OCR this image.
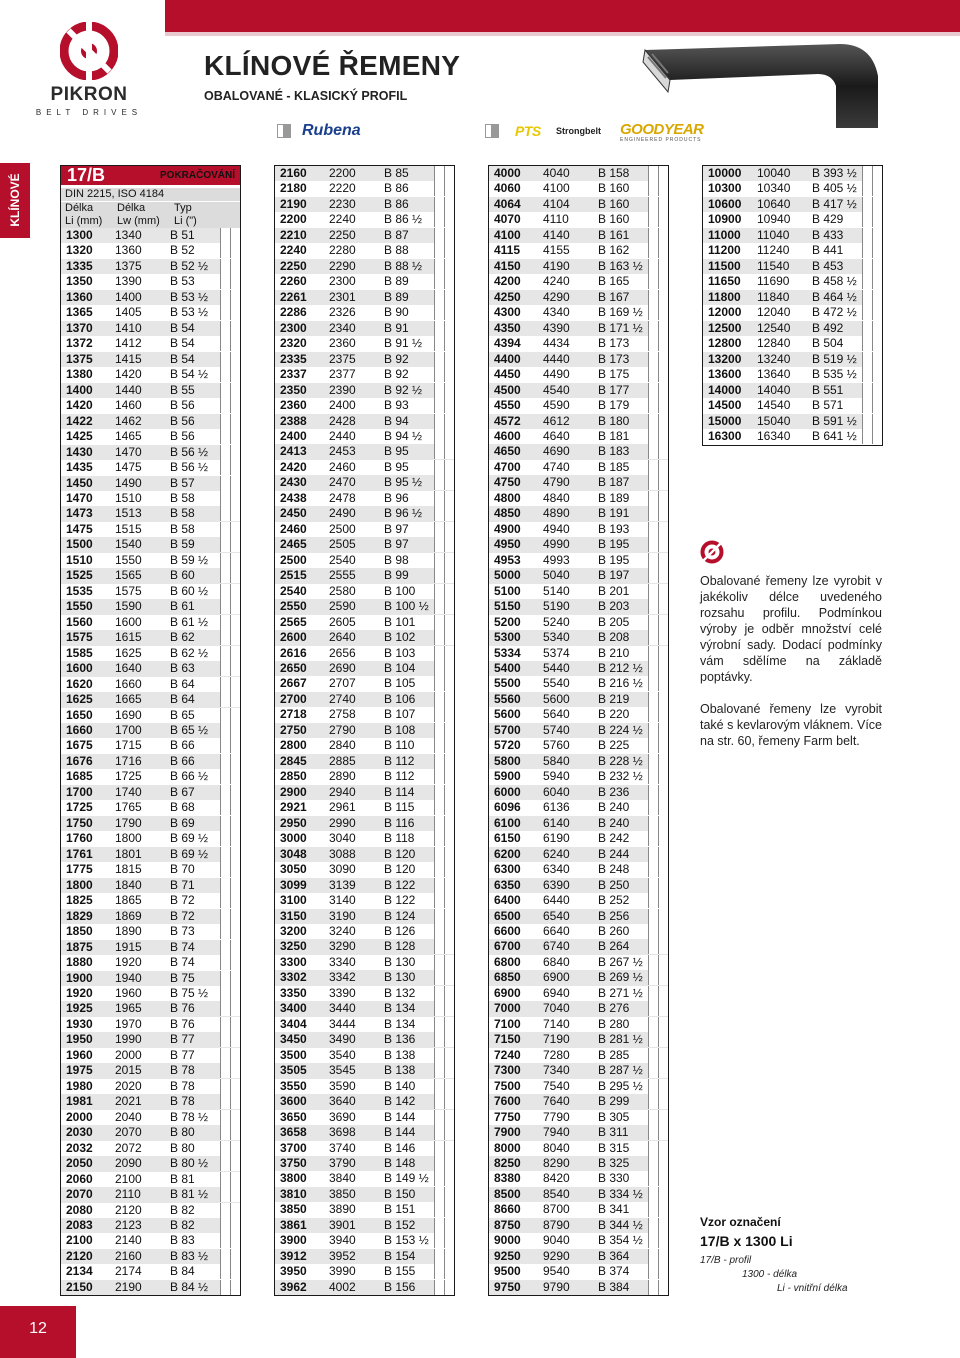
PIKRON
BELT DRIVES
KLÍNOVÉ ŘEMENY
OBALOVANÉ - KLASICKÝ PROFIL
Rubena	PTS Strongbelt GOODYEAR
ENGINEERED PRODUCTS
KLÍNOVÉ
12
17/B	POKRAČOVÁNÍ
DIN 2215, ISO 4184
Délka Délka	Typ
Li (mm) Lw (mm) Li (")
1300 1340 B 51
1320 1360 B 52
1335 1375 B 52 ½
1350 1390 B 53
1360 1400 B 53 ½
1365 1405 B 53 ½
1370 1410 B 54
1372 1412 B 54
1375 1415 B 54
1380 1420 B 54 ½
1400 1440 B 55
1420 1460 B 56
1422 1462 B 56
1425 1465 B 56
1430 1470 B 56 ½
1435 1475 B 56 ½
1450 1490 B 57
1470 1510 B 58
1473 1513 B 58
1475 1515 B 58
1500 1540 B 59
1510 1550 B 59 ½
1525 1565 B 60
1535 1575 B 60 ½
1550 1590 B 61
1560 1600 B 61 ½
1575 1615 B 62
1585 1625 B 62 ½
1600 1640 B 63
1620 1660 B 64
1625 1665 B 64
1650 1690 B 65
1660 1700 B 65 ½
1675 1715 B 66
1676 1716 B 66
1685 1725 B 66 ½
1700 1740 B 67
1725 1765 B 68
1750 1790 B 69
1760 1800 B 69 ½
1761 1801 B 69 ½
1775 1815 B 70
1800 1840 B 71
1825 1865 B 72
1829 1869 B 72
1850 1890 B 73
1875 1915 B 74
1880 1920 B 74
1900 1940 B 75
1920 1960 B 75 ½
1925 1965 B 76
1930 1970 B 76
1950 1990 B 77
1960 2000 B 77
1975 2015 B 78
1980 2020 B 78
1981 2021 B 78
2000 2040 B 78 ½
2030 2070 B 80
2032 2072 B 80
2050 2090 B 80 ½
2060 2100 B 81
2070 2110 B 81 ½
2080 2120 B 82
2083 2123 B 82
2100 2140 B 83
2120 2160 B 83 ½
2134 2174 B 84
2150 2190 B 84 ½
2160 2200 B 85
2180 2220 B 86
2190 2230 B 86
2200 2240 B 86 ½
2210 2250 B 87
2240 2280 B 88
2250 2290 B 88 ½
2260 2300 B 89
2261 2301 B 89
2286 2326 B 90
2300 2340 B 91
2320 2360 B 91 ½
2335 2375 B 92
2337 2377 B 92
2350 2390 B 92 ½
2360 2400 B 93
2388 2428 B 94
2400 2440 B 94 ½
2413 2453 B 95
2420 2460 B 95
2430 2470 B 95 ½
2438 2478 B 96
2450 2490 B 96 ½
2460 2500 B 97
2465 2505 B 97
2500 2540 B 98
2515 2555 B 99
2540 2580 B 100
2550 2590 B 100 ½
2565 2605 B 101
2600 2640 B 102
2616 2656 B 103
2650 2690 B 104
2667 2707 B 105
2700 2740 B 106
2718 2758 B 107
2750 2790 B 108
2800 2840 B 110
2845 2885 B 112
2850 2890 B 112
2900 2940 B 114
2921 2961 B 115
2950 2990 B 116
3000 3040 B 118
3048 3088 B 120
3050 3090 B 120
3099 3139 B 122
3100 3140 B 122
3150 3190 B 124
3200 3240 B 126
3250 3290 B 128
3300 3340 B 130
3302 3342 B 130
3350 3390 B 132
3400 3440 B 134
3404 3444 B 134
3450 3490 B 136
3500 3540 B 138
3505 3545 B 138
3550 3590 B 140
3600 3640 B 142
3650 3690 B 144
3658 3698 B 144
3700 3740 B 146
3750 3790 B 148
3800 3840 B 149 ½
3810 3850 B 150
3850 3890 B 151
3861 3901 B 152
3900 3940 B 153 ½
3912 3952 B 154
3950 3990 B 155
3962 4002 B 156
4000 4040 B 158
4060 4100 B 160
4064 4104 B 160
4070 4110 B 160
4100 4140 B 161
4115 4155 B 162
4150 4190 B 163 ½
4200 4240 B 165
4250 4290 B 167
4300 4340 B 169 ½
4350 4390 B 171 ½
4394 4434 B 173
4400 4440 B 173
4450 4490 B 175
4500 4540 B 177
4550 4590 B 179
4572 4612 B 180
4600 4640 B 181
4650 4690 B 183
4700 4740 B 185
4750 4790 B 187
4800 4840 B 189
4850 4890 B 191
4900 4940 B 193
4950 4990 B 195
4953 4993 B 195
5000 5040 B 197
5100 5140 B 201
5150 5190 B 203
5200 5240 B 205
5300 5340 B 208
5334 5374 B 210
5400 5440 B 212 ½
5500 5540 B 216 ½
5560 5600 B 219
5600 5640 B 220
5700 5740 B 224 ½
5720 5760 B 225
5800 5840 B 228 ½
5900 5940 B 232 ½
6000 6040 B 236
6096 6136 B 240
6100 6140 B 240
6150 6190 B 242
6200 6240 B 244
6300 6340 B 248
6350 6390 B 250
6400 6440 B 252
6500 6540 B 256
6600 6640 B 260
6700 6740 B 264
6800 6840 B 267 ½
6850 6900 B 269 ½
6900 6940 B 271 ½
7000 7040 B 276
7100 7140 B 280
7150 7190 B 281 ½
7240 7280 B 285
7300 7340 B 287 ½
7500 7540 B 295 ½
7600 7640 B 299
7750 7790 B 305
7900 7940 B 311
8000 8040 B 315
8250 8290 B 325
8380 8420 B 330
8500 8540 B 334 ½
8660 8700 B 341
8750 8790 B 344 ½
9000 9040 B 354 ½
9250 9290 B 364
9500 9540 B 374
9750 9790 B 384
10000 10040 B 393 ½
10300 10340 B 405 ½
10600 10640 B 417 ½
10900 10940 B 429
11000 11040 B 433
11200 11240 B 441
11500 11540 B 453
11650 11690 B 458 ½
11800 11840 B 464 ½
12000 12040 B 472 ½
12500 12540 B 492
12800 12840 B 504
13200 13240 B 519 ½
13600 13640 B 535 ½
14000 14040 B 551
14500 14540 B 571
15000 15040 B 591 ½
16300 16340 B 641 ½
Obalované řemeny lze vyrobit v jakékoliv délce uvedeného rozsahu profilu. Podmínkou výroby je odběr množství celé výrobní sady. Dodací podmínky vám sdělíme na základě poptávky.
Obalované řemeny lze vyrobit také s kevlarovým vláknem. Více na str. 60, řemeny Farm belt.
Vzor označení
17/B x 1300 Li
17/B - profil
1300 - délka
Li - vnitřní délka
